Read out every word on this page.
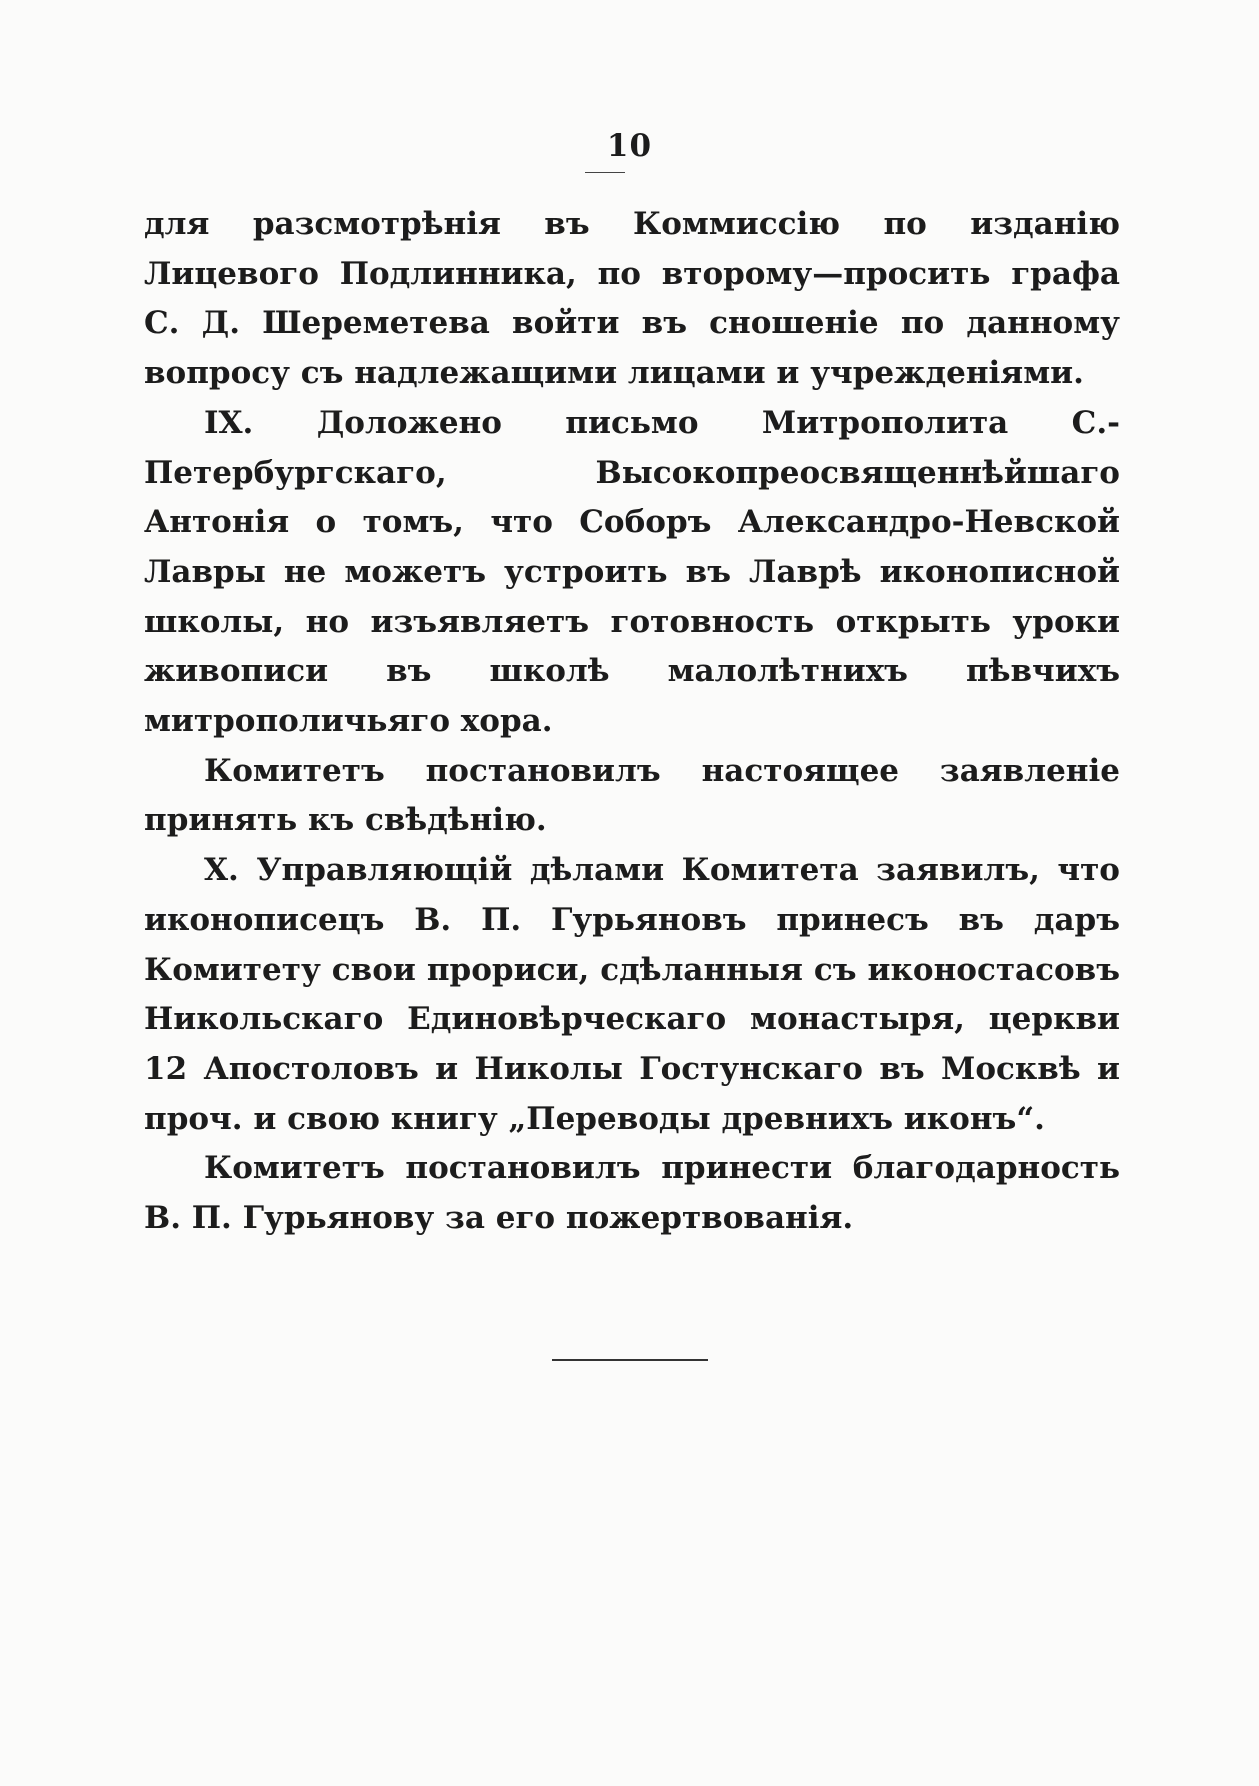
10

для разсмотрѣнія въ Коммиссію по изданію Лицевого Подлинника, по второму—просить графа С. Д. Шереметева войти въ сношеніе по данному вопросу съ надлежащими лицами и учрежденіями.

IX. Доложено письмо Митрополита С.-Петербургскаго, Высокопреосвященнѣйшаго Антонія о томъ, что Соборъ Александро-Невской Лавры не можетъ устроить въ Лаврѣ иконописной школы, но изъявляетъ готовность открыть уроки живописи въ школѣ малолѣтнихъ пѣвчихъ митрополичьяго хора.

Комитетъ постановилъ настоящее заявленіе принять къ свѣдѣнію.

X. Управляющій дѣлами Комитета заявилъ, что иконописецъ В. П. Гурьяновъ принесъ въ даръ Комитету свои прориси, сдѣланныя съ иконостасовъ Никольскаго Единовѣрческаго монастыря, церкви 12 Апостоловъ и Николы Гостунскаго въ Москвѣ и проч. и свою книгу „Переводы древнихъ иконъ“.

Комитетъ постановилъ принести благодарность В. П. Гурьянову за его пожертвованія.
